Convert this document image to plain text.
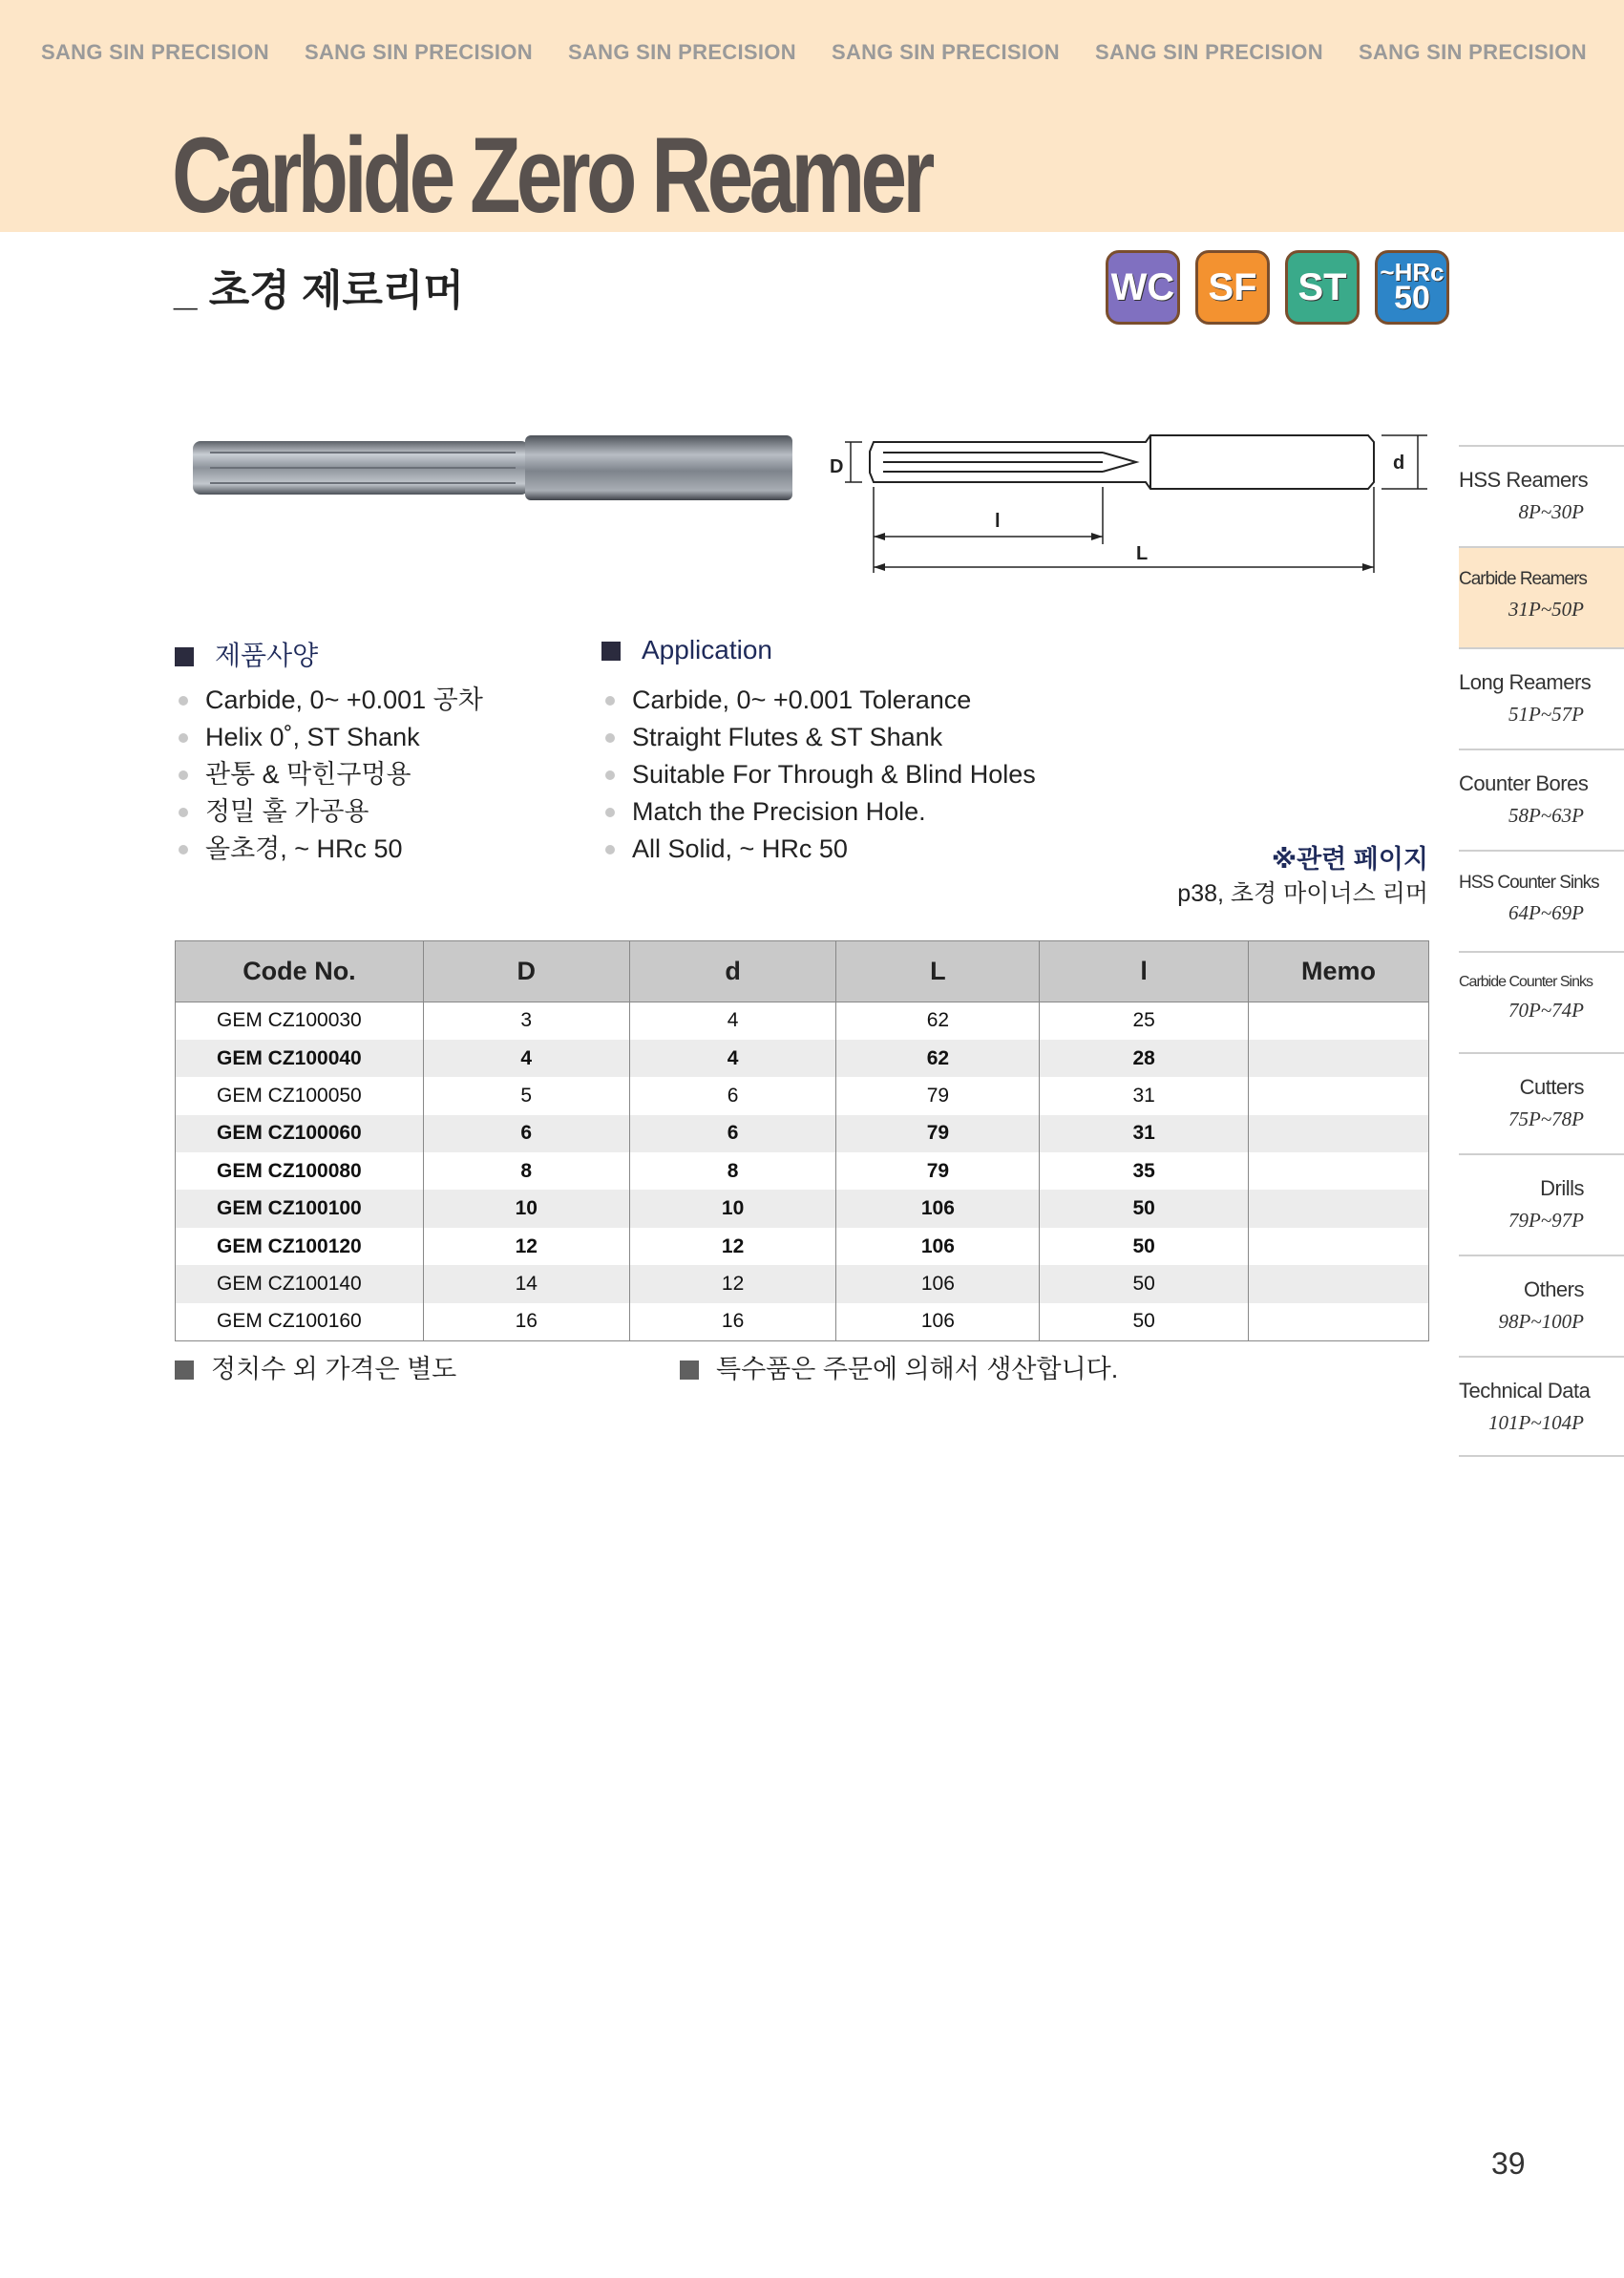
SANG SIN PRECISION SANG SIN PRECISION SANG SIN PRECISION SANG SIN PRECISION SANG SIN PRECISION SANG SIN PRECISION
Carbide Zero Reamer
_ 초경 제로리머	WC SF	ST	~HRc
50
D	d
l
L
HSS Reamers
8P~30P
Carbide Reamers
31P~50P
Long Reamers
51P~57P
Counter Bores
58P~63P
HSS Counter Sinks
64P~69P
Carbide Counter Sinks
70P~74P
Cutters
75P~78P
Drills
79P~97P
Others
98P~100P
Technical Data
101P~104P
제품사양
Carbide, 0~ +0.001 공차
Helix 0˚, ST Shank
관통 & 막힌구멍용
정밀 홀 가공용
올초경, ~ HRc 50
Application
Carbide, 0~ +0.001 Tolerance
Straight Flutes & ST Shank
Suitable For Through & Blind Holes
Match the Precision Hole.
All Solid, ~ HRc 50	※관련 페이지
p38, 초경 마이너스 리머
Code No.	D	d	L	l	Memo
GEM CZ100030	3	4	62	25	
GEM CZ100040	4	4	62	28	
GEM CZ100050	5	6	79	31	
GEM CZ100060	6	6	79	31	
GEM CZ100080	8	8	79	35	
GEM CZ100100	10	10	106	50	
GEM CZ100120	12	12	106	50	
GEM CZ100140	14	12	106	50	
GEM CZ100160	16	16	106	50	
정치수 외 가격은 별도	특수품은 주문에 의해서 생산합니다.
39
